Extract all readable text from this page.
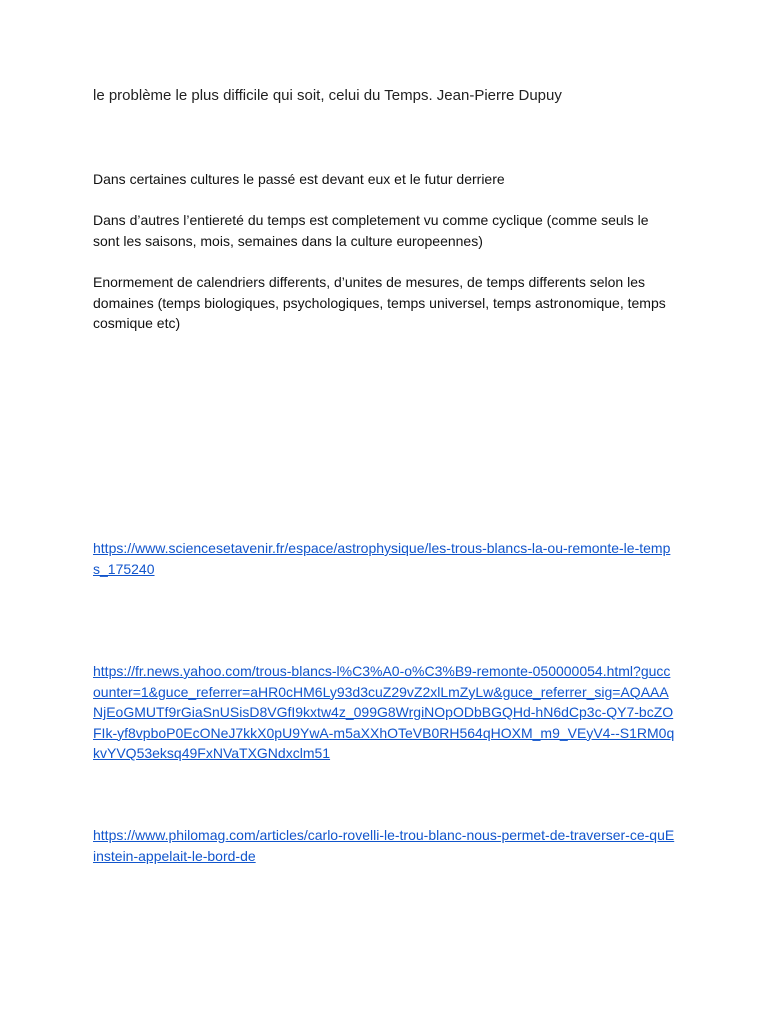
le problème le plus difficile qui soit, celui du Temps. Jean-Pierre Dupuy
Dans certaines cultures le passé est devant eux et le futur derriere
Dans d’autres l’entiereté du temps est completement vu comme cyclique (comme seuls le sont les saisons, mois, semaines dans la culture europeennes)
Enormement de calendriers differents, d’unites de mesures, de temps differents selon les domaines (temps biologiques, psychologiques, temps universel, temps astronomique, temps cosmique etc)
https://www.sciencesetavenir.fr/espace/astrophysique/les-trous-blancs-la-ou-remonte-le-temps_175240
https://fr.news.yahoo.com/trous-blancs-l%C3%A0-o%C3%B9-remonte-050000054.html?guccounter=1&guce_referrer=aHR0cHM6Ly93d3cuZ29vZ2xlLmZyLw&guce_referrer_sig=AQAAANjEoGMUTf9rGiaSnUSisD8VGfI9kxtw4z_099G8WrgiNOpODbBGQHd-hN6dCp3c-QY7-bcZOFIk-yf8vpboP0EcONeJ7kkX0pU9YwA-m5aXXhOTeVB0RH564qHOXM_m9_VEyV4--S1RM0qkvYVQ53eksq49FxNVaTXGNdxclm51
https://www.philomag.com/articles/carlo-rovelli-le-trou-blanc-nous-permet-de-traverser-ce-quEinstein-appelait-le-bord-de
